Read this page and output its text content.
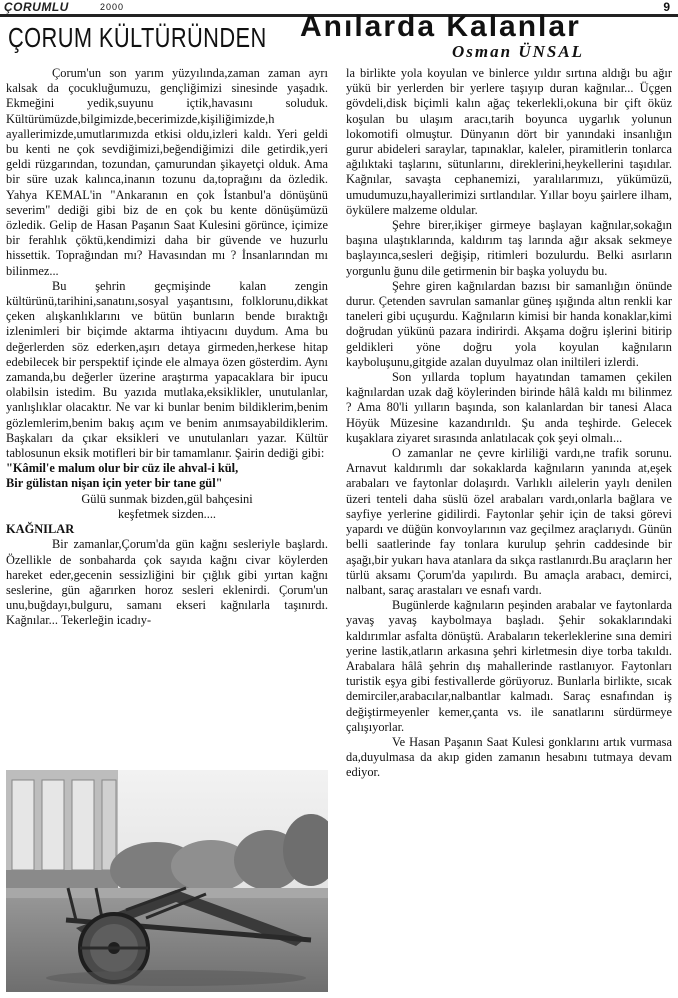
ÇORUMLU	2000	9
ÇORUM KÜLTÜRÜNDEN Anılarda Kalanlar
Osman ÜNSAL

Çorum'un son yarım yüzyılında,zaman zaman ayrı kalsak da çocukluğumuzu, gençliğimizi sinesinde yaşadık. Ekmeğini yedik,suyunu içtik,havasını soluduk. Kültürümüzde,bilgimizde,becerimizde,kişiliğimizde,h ayallerimizde,umutlarımızda etkisi oldu,izleri kaldı. Yeri geldi bu kenti ne çok sevdiğimizi,beğendiğimizi dile getirdik,yeri geldi rüzgarından, tozundan, çamurundan şikayetçi olduk. Ama bir süre uzak kalınca,inanın tozunu da,toprağını da özledik. Yahya KEMAL'in "Ankaranın en çok İstanbul'a dönüşünü severim" dediği gibi biz de en çok bu kente dönüşümüzü özledik. Gelip de Hasan Paşanın Saat Kulesini görünce, içimize bir ferahlık çöktü,kendimizi daha bir güvende ve huzurlu hissettik. Toprağından mı? Havasından mı ? İnsanlarından mı bilinmez...

Bu şehrin geçmişinde kalan zengin kültürünü,tarihini,sanatını,sosyal yaşantısını, folklorunu,dikkat çeken alışkanlıklarını ve bütün bunların bende bıraktığı izlenimleri bir biçimde aktarma ihtiyacını duydum. Ama bu değerlerden söz ederken,aşırı detaya girmeden,herkese hitap edebilecek bir perspektif içinde ele almaya özen gösterdim. Aynı zamanda,bu değerler üzerine araştırma yapacaklara bir ipucu olabilsin istedim. Bu yazıda mutlaka,eksiklikler, unutulanlar, yanlışlıklar olacaktır. Ne var ki bunlar benim bildiklerim,benim gözlemlerim,benim bakış açım ve benim anımsayabildiklerim. Başkaları da çıkar eksikleri ve unutulanları yazar. Kültür tablosunun eksik motifleri bir bir tamamlanır. Şairin dediği gibi:

"Kâmil'e malum olur bir cüz ile ahval-i kül,

Bir gülistan nişan için yeter bir tane gül"

Gülü sunmak bizden,gül bahçesini

keşfetmek sizden....

KAĞNILAR

Bir zamanlar,Çorum'da gün kağnı sesleriyle başlardı. Özellikle de sonbaharda çok sayıda kağnı civar köylerden hareket eder,gecenin sessizliğini bir çığlık gibi yırtan kağnı seslerine, gün ağarırken horoz sesleri eklenirdi. Çorum'un unu,buğdayı,bulguru, samanı ekseri kağnılarla taşınırdı. Kağnılar... Tekerleğin icadıy-

la birlikte yola koyulan ve binlerce yıldır sırtına aldığı bu ağır yükü bir yerlerden bir yerlere taşıyıp duran kağnılar... Üçgen gövdeli,disk biçimli kalın ağaç tekerlekli,okuna bir çift öküz koşulan bu ulaşım aracı,tarih boyunca uygarlık yolunun lokomotifi olmuştur. Dünyanın dört bir yanındaki insanlığın gurur abideleri saraylar, tapınaklar, kaleler, piramitlerin tonlarca ağılıktaki taşlarını, sütunlarını, direklerini,heykellerini taşıdılar. Kağnılar, savaşta cephanemizi, yaralılarımızı, yükümüzü, umudumuzu,hayallerimizi sırtlandılar. Yıllar boyu şairlere ilham, öykülere malzeme oldular.

Şehre birer,ikişer girmeye başlayan kağnılar,sokağın başına ulaştıklarında, kaldırım taş larında ağır aksak sekmeye başlayınca,sesleri değişip, ritimleri bozulurdu. Belki asırların yorgunlu ğunu dile getirmenin bir başka yoluydu bu.

Şehre giren kağnılardan bazısı bir samanlığın önünde durur. Çetenden savrulan samanlar güneş ışığında altın renkli kar taneleri gibi uçuşurdu. Kağnıların kimisi bir handa konaklar,kimi doğrudan yükünü pazara indirirdi. Akşama doğru işlerini bitirip geldikleri yöne doğru yola koyulan kağnıların kayboluşunu,gitgide azalan duyulmaz olan iniltileri izlerdi.

Son yıllarda toplum hayatından tamamen çekilen kağnılardan uzak dağ köylerinden birinde hâlâ kaldı mı bilinmez ? Ama 80'li yılların başında, son kalanlardan bir tanesi Alaca Höyük Müzesine kazandırıldı. Şu anda teşhirde. Gelecek kuşaklara ziyaret sırasında anlatılacak çok şeyi olmalı...

O zamanlar ne çevre kirliliği vardı,ne trafik sorunu. Arnavut kaldırımlı dar sokaklarda kağnıların yanında at,eşek arabaları ve faytonlar dolaşırdı. Varlıklı ailelerin yaylı denilen üzeri tenteli daha süslü özel arabaları vardı,onlarla bağlara ve sayfiye yerlerine gidilirdi. Faytonlar şehir için de taksi görevi yapardı ve düğün konvoylarının vaz geçilmez araçlarıydı. Günün belli saatlerinde fay tonlara kurulup şehrin caddesinde bir aşağı,bir yukarı hava atanlara da sıkça rastlanırdı.Bu araçların her türlü aksamı Çorum'da yapılırdı. Bu amaçla arabacı, demirci, nalbant, saraç arastaları ve esnafı vardı.

Bugünlerde kağnıların peşinden arabalar ve faytonlarda yavaş yavaş kaybolmaya başladı. Şehir sokaklarındaki kaldırımlar asfalta dönüştü. Arabaların tekerleklerine sına demiri yerine lastik,atların arkasına şehri kirletmesin diye torba takıldı. Arabalara hâlâ şehrin dış mahallerinde rastlanıyor. Faytonları turistik eşya gibi festivallerde görüyoruz. Bunlarla birlikte, sıcak demirciler,arabacılar,nalbantlar kalmadı. Saraç esnafından iş değiştirmeyenler kemer,çanta vs. ile sanatlarını sürdürmeye çalışıyorlar.

Ve Hasan Paşanın Saat Kulesi gonklarını artık vurmasa da,duyulmasa da akıp giden zamanın hesabını tutmaya devam ediyor.
